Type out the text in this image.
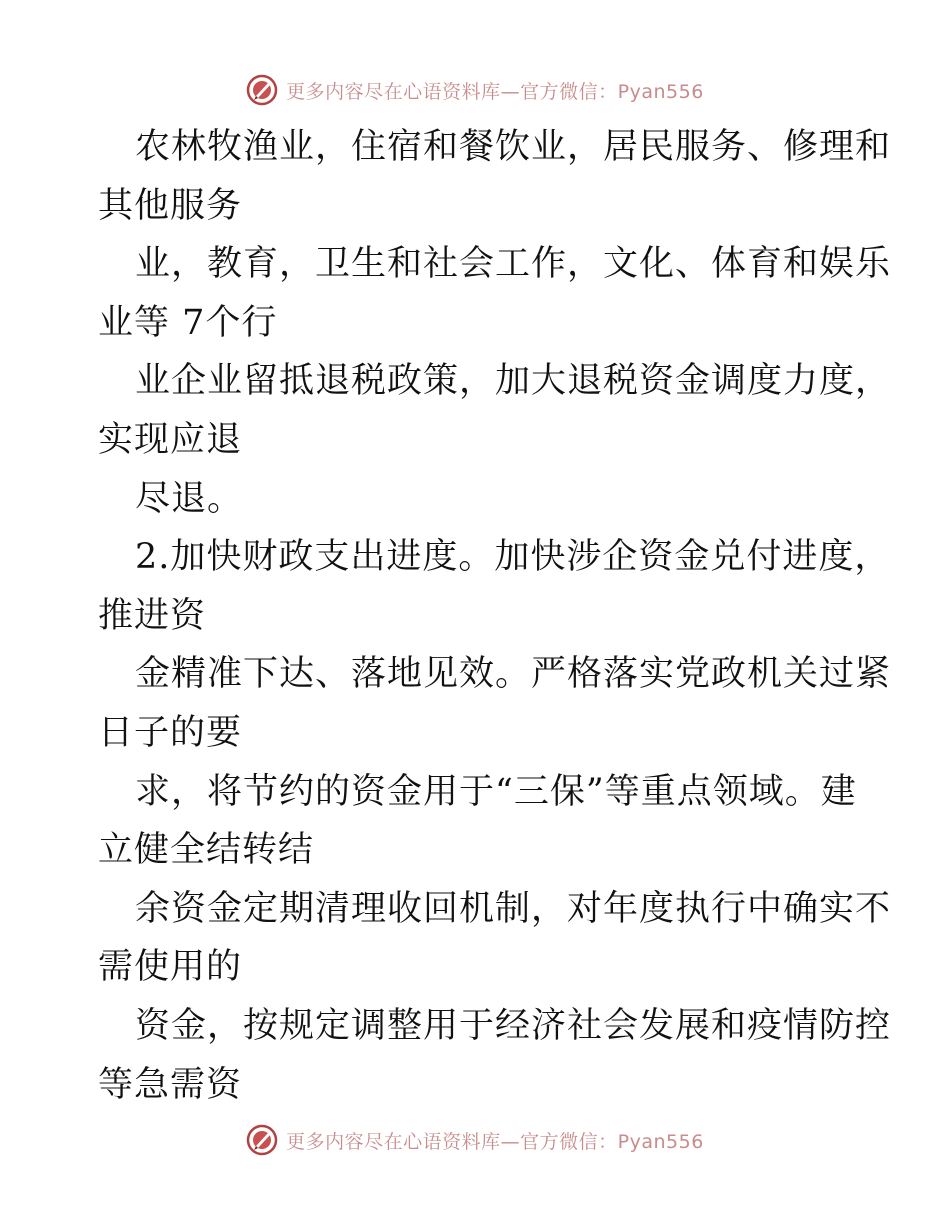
更多内容尽在心语资料库—官方微信：Pyan556
农林牧渔业，住宿和餐饮业，居民服务、修理和
其他服务
业，教育，卫生和社会工作，文化、体育和娱乐
业等 7个行
业企业留抵退税政策，加大退税资金调度力度，
实现应退
尽退。
2.加快财政支出进度。加快涉企资金兑付进度，
推进资
金精准下达、落地见效。严格落实党政机关过紧
日子的要
求，将节约的资金用于“三保”等重点领域。建
立健全结转结
余资金定期清理收回机制，对年度执行中确实不
需使用的
资金，按规定调整用于经济社会发展和疫情防控
等急需资
更多内容尽在心语资料库—官方微信：Pyan556
